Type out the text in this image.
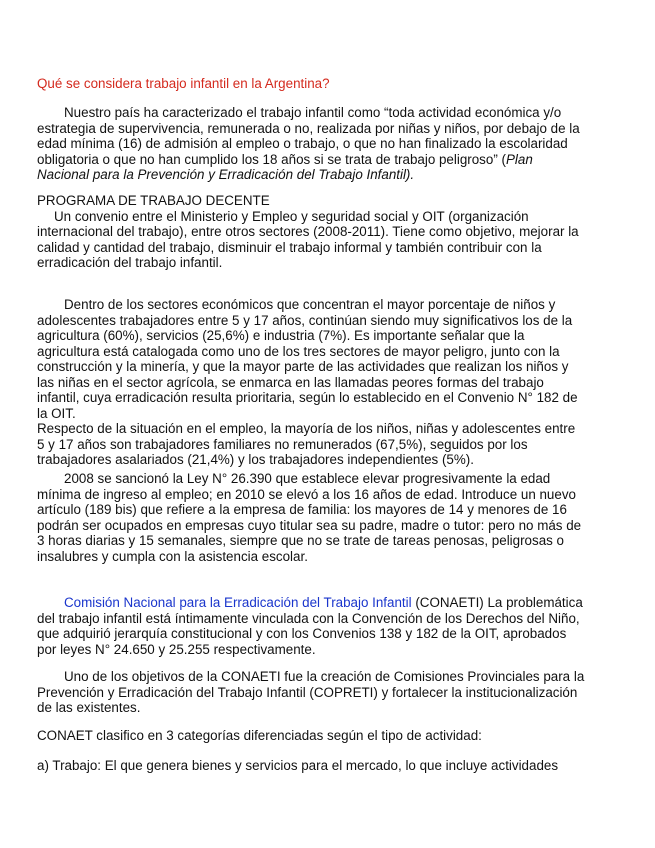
Qué se considera trabajo infantil en la Argentina?

Nuestro país ha caracterizado el trabajo infantil como “toda actividad económica y/o
estrategia de supervivencia, remunerada o no, realizada por niñas y niños, por debajo de la
edad mínima (16) de admisión al empleo o trabajo, o que no han finalizado la escolaridad
obligatoria o que no han cumplido los 18 años si se trata de trabajo peligroso” (Plan
Nacional para la Prevención y Erradicación del Trabajo Infantil).

PROGRAMA DE TRABAJO DECENTE
Un convenio entre el Ministerio y Empleo y seguridad social y OIT (organización
internacional del trabajo), entre otros sectores (2008-2011). Tiene como objetivo, mejorar la
calidad y cantidad del trabajo, disminuir el trabajo informal y también contribuir con la
erradicación del trabajo infantil.

Dentro de los sectores económicos que concentran el mayor porcentaje de niños y
adolescentes trabajadores entre 5 y 17 años, continúan siendo muy significativos los de la
agricultura (60%), servicios (25,6%) e industria (7%). Es importante señalar que la
agricultura está catalogada como uno de los tres sectores de mayor peligro, junto con la
construcción y la minería, y que la mayor parte de las actividades que realizan los niños y
las niñas en el sector agrícola, se enmarca en las llamadas peores formas del trabajo
infantil, cuya erradicación resulta prioritaria, según lo establecido en el Convenio N° 182 de
la OIT.
Respecto de la situación en el empleo, la mayoría de los niños, niñas y adolescentes entre
5 y 17 años son trabajadores familiares no remunerados (67,5%), seguidos por los
trabajadores asalariados (21,4%) y los trabajadores independientes (5%).

2008 se sancionó la Ley N° 26.390 que establece elevar progresivamente la edad
mínima de ingreso al empleo; en 2010 se elevó a los 16 años de edad. Introduce un nuevo
artículo (189 bis) que refiere a la empresa de familia: los mayores de 14 y menores de 16
podrán ser ocupados en empresas cuyo titular sea su padre, madre o tutor: pero no más de
3 horas diarias y 15 semanales, siempre que no se trate de tareas penosas, peligrosas o
insalubres y cumpla con la asistencia escolar.

Comisión Nacional para la Erradicación del Trabajo Infantil (CONAETI) La problemática
del trabajo infantil está íntimamente vinculada con la Convención de los Derechos del Niño,
que adquirió jerarquía constitucional y con los Convenios 138 y 182 de la OIT, aprobados
por leyes N° 24.650 y 25.255 respectivamente.

Uno de los objetivos de la CONAETI fue la creación de Comisiones Provinciales para la
Prevención y Erradicación del Trabajo Infantil (COPRETI) y fortalecer la institucionalización
de las existentes.

CONAET clasifico en 3 categorías diferenciadas según el tipo de actividad:

a) Trabajo: El que genera bienes y servicios para el mercado, lo que incluye actividades
